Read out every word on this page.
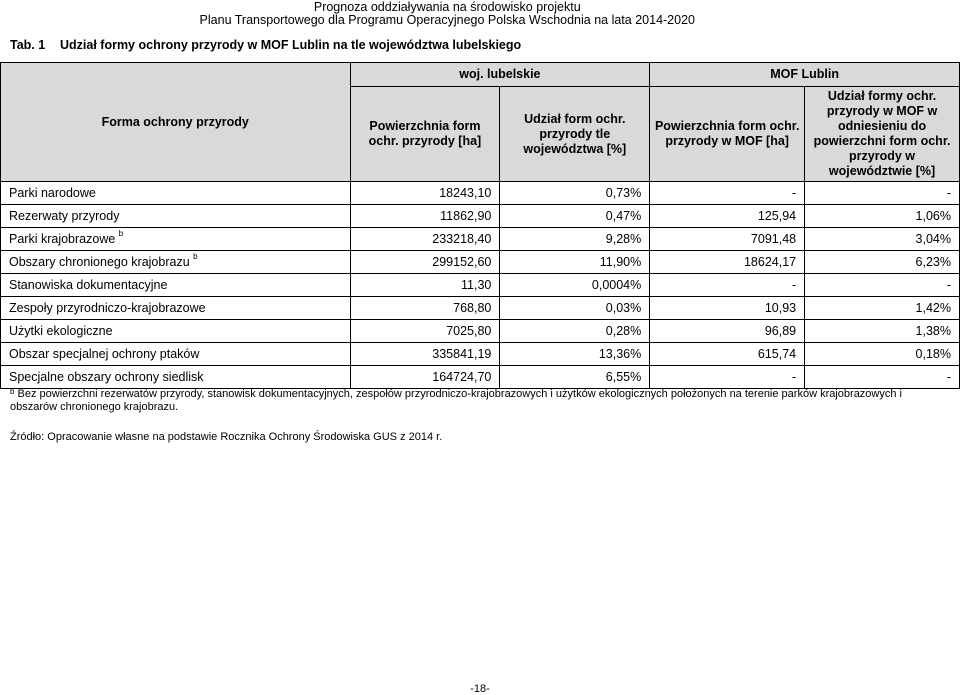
Prognoza oddziaływania na środowisko projektu
Planu Transportowego dla Programu Operacyjnego Polska Wschodnia na lata 2014-2020
Tab. 1 Udział formy ochrony przyrody w MOF Lublin na tle województwa lubelskiego
Forma ochrony przyrody	woj. lubelskie		MOF Lublin	
	Powierzchnia form ochr. przyrody [ha]	Udział form ochr. przyrody tle województwa [%]	Powierzchnia form ochr. przyrody w MOF [ha]	Udział formy ochr. przyrody w MOF w odniesieniu do powierzchni form ochr. przyrody w województwie [%]
Parki narodowe	18243,10	0,73%	-	-
Rezerwaty przyrody	11862,90	0,47%	125,94	1,06%
Parki krajobrazowe $^b$	233218,40	9,28%	7091,48	3,04%
Obszary chronionego krajobrazu $^b$	299152,60	11,90%	18624,17	6,23%
Stanowiska dokumentacyjne	11,30	0,0004%	-	-
Zespoły przyrodniczo-krajobrazowe	768,80	0,03%	10,93	1,42%
Użytki ekologiczne	7025,80	0,28%	96,89	1,38%
Obszar specjalnej ochrony ptaków	335841,19	13,36%	615,74	0,18%
Specjalne obszary ochrony siedlisk	164724,70	6,55%	-	-
$^b$ Bez powierzchni rezerwatów przyrody, stanowisk dokumentacyjnych, zespołów przyrodniczo-krajobrazowych i użytków ekologicznych położonych na terenie parków krajobrazowych i obszarów chronionego krajobrazu.
Źródło: Opracowanie własne na podstawie Rocznika Ochrony Środowiska GUS z 2014 r.
-18-
